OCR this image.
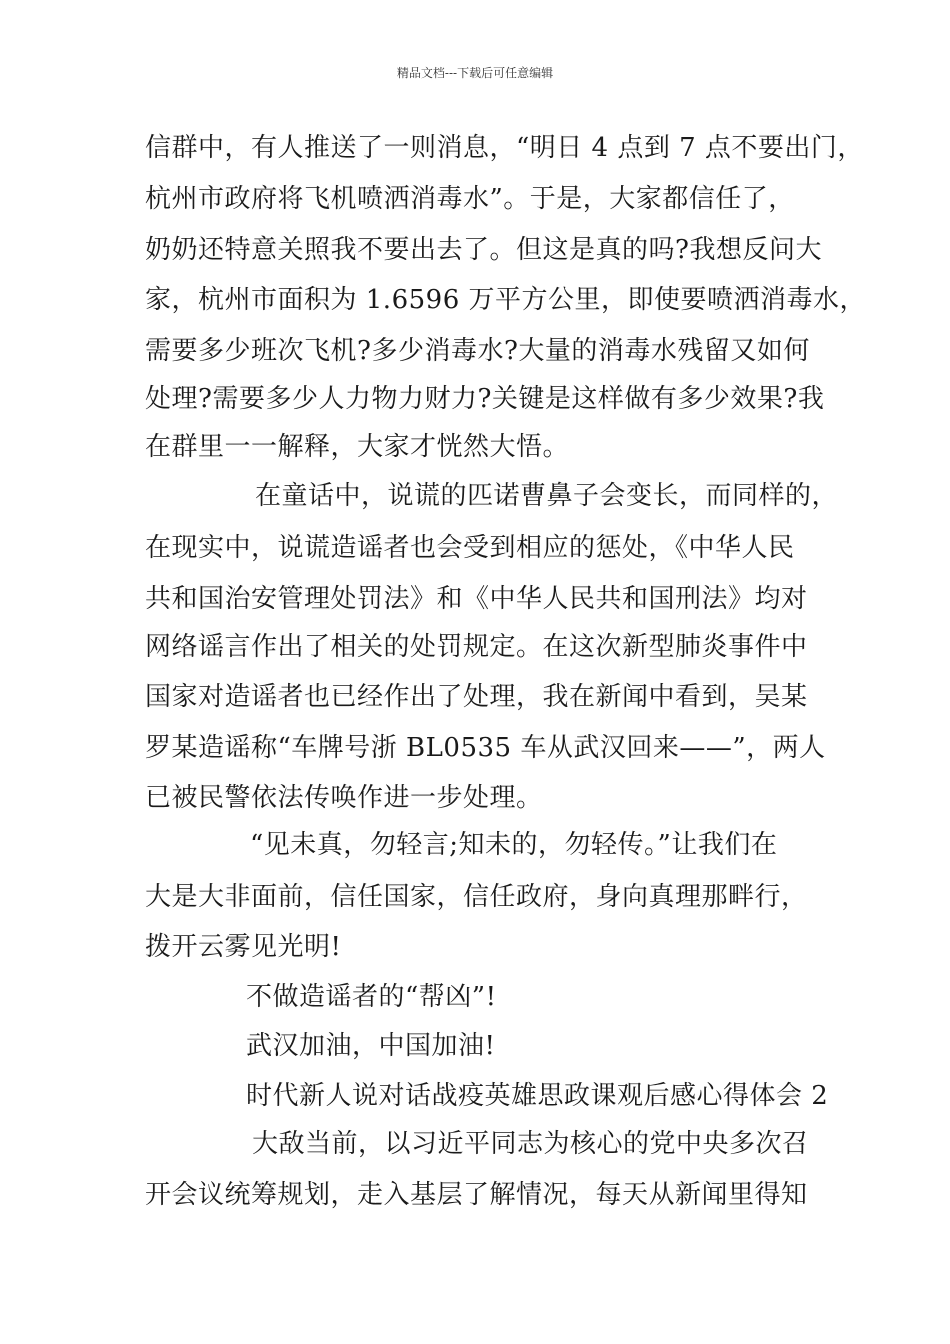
精品文档---下载后可任意编辑
信群中，有人推送了一则消息，“明日 4 点到 7 点不要出门，
杭州市政府将飞机喷洒消毒水”。于是，大家都信任了，
奶奶还特意关照我不要出去了。但这是真的吗?我想反问大
家，杭州市面积为 1.6596 万平方公里，即使要喷洒消毒水，
需要多少班次飞机?多少消毒水?大量的消毒水残留又如何
处理?需要多少人力物力财力?关键是这样做有多少效果?我
在群里一一解释，大家才恍然大悟。
在童话中，说谎的匹诺曹鼻子会变长，而同样的，
在现实中，说谎造谣者也会受到相应的惩处，《中华人民
共和国治安管理处罚法》和《中华人民共和国刑法》均对
网络谣言作出了相关的处罚规定。在这次新型肺炎事件中
国家对造谣者也已经作出了处理，我在新闻中看到，吴某
罗某造谣称“车牌号浙 BL0535 车从武汉回来——”，两人
已被民警依法传唤作进一步处理。
“见未真，勿轻言;知未的，勿轻传。”让我们在
大是大非面前，信任国家，信任政府，身向真理那畔行，
拨开云雾见光明!
不做造谣者的“帮凶”!
武汉加油，中国加油!
时代新人说对话战疫英雄思政课观后感心得体会 2
大敌当前，以习近平同志为核心的党中央多次召
开会议统筹规划，走入基层了解情况，每天从新闻里得知
